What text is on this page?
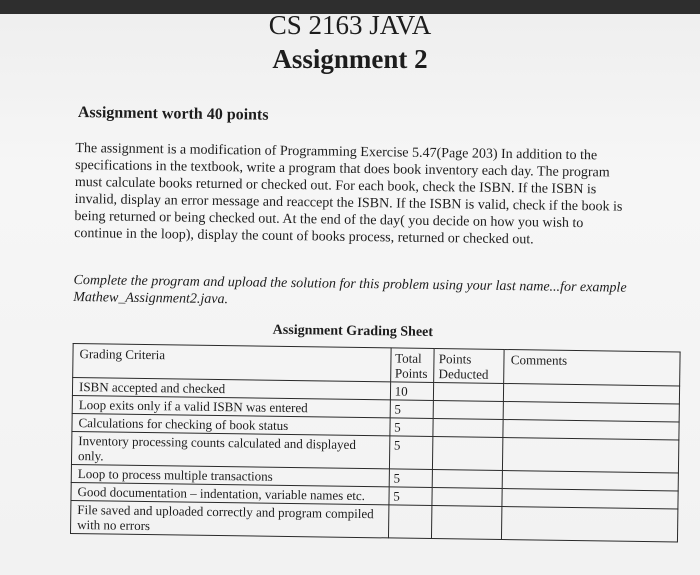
CS 2163 JAVA
Assignment 2
Assignment worth 40 points

The assignment is a modification of Programming Exercise 5.47(Page 203) In addition to the specifications in the textbook, write a program that does book inventory each day. The program must calculate books returned or checked out. For each book, check the ISBN. If the ISBN is invalid, display an error message and reaccept the ISBN. If the ISBN is valid, check if the book is being returned or being checked out. At the end of the day( you decide on how you wish to continue in the loop), display the count of books process, returned or checked out.

Complete the program and upload the solution for this problem using your last name...for example Mathew_Assignment2.java.

Assignment Grading Sheet
Grading Criteria	Total Points	Points Deducted	Comments
ISBN accepted and checked	10		
Loop exits only if a valid ISBN was entered	5		
Calculations for checking of book status	5		
Inventory processing counts calculated and displayed only.	5		
Loop to process multiple transactions	5		
Good documentation – indentation, variable names etc.	5		
File saved and uploaded correctly and program compiled with no errors			
